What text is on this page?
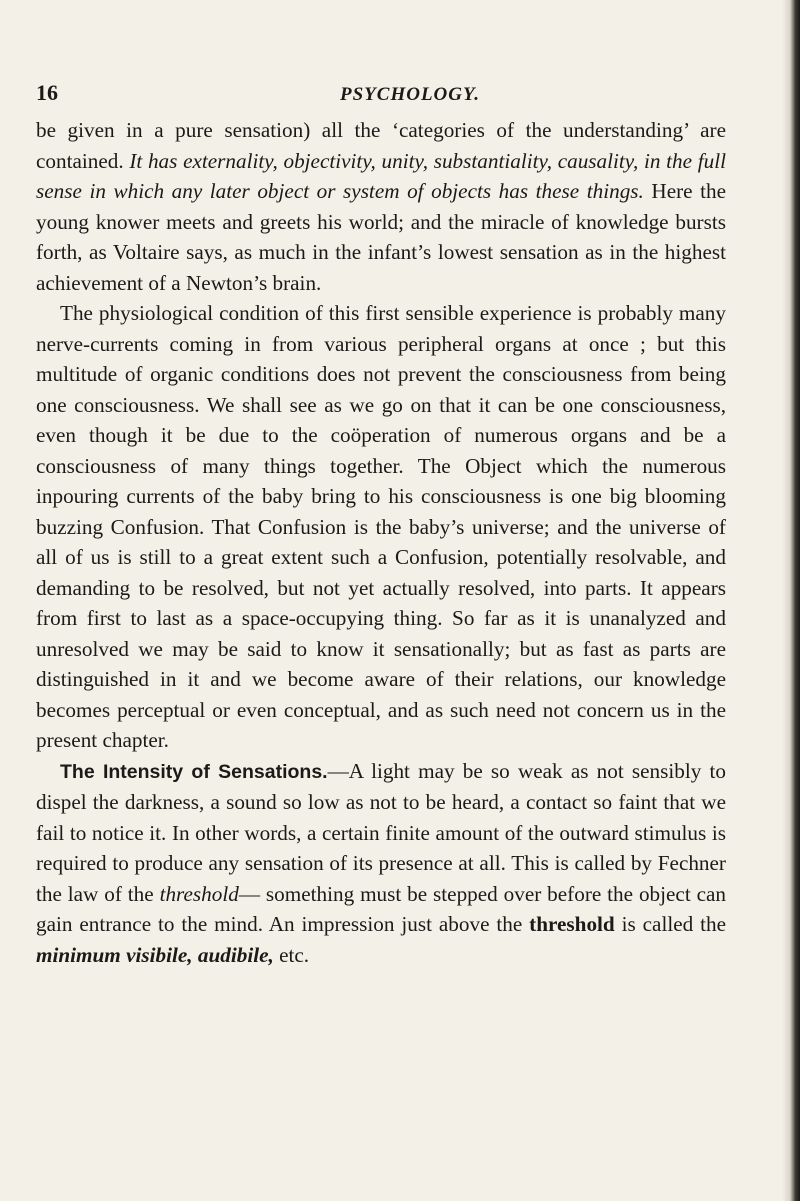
16	PSYCHOLOGY.

be given in a pure sensation) all the ‘categories of the understanding’ are contained. It has externality, objectivity, unity, substantiality, causality, in the full sense in which any later object or system of objects has these things. Here the young knower meets and greets his world; and the miracle of knowledge bursts forth, as Voltaire says, as much in the infant’s lowest sensation as in the highest achievement of a Newton’s brain.

The physiological condition of this first sensible experience is probably many nerve-currents coming in from various peripheral organs at once ; but this multitude of organic conditions does not prevent the consciousness from being one consciousness. We shall see as we go on that it can be one consciousness, even though it be due to the coöperation of numerous organs and be a consciousness of many things together. The Object which the numerous inpouring currents of the baby bring to his consciousness is one big blooming buzzing Confusion. That Confusion is the baby’s universe; and the universe of all of us is still to a great extent such a Confusion, potentially resolvable, and demanding to be resolved, but not yet actually resolved, into parts. It appears from first to last as a space-occupying thing. So far as it is unanalyzed and unresolved we may be said to know it sensationally; but as fast as parts are distinguished in it and we become aware of their relations, our knowledge becomes perceptual or even conceptual, and as such need not concern us in the present chapter.

The Intensity of Sensations.—A light may be so weak as not sensibly to dispel the darkness, a sound so low as not to be heard, a contact so faint that we fail to notice it. In other words, a certain finite amount of the outward stimulus is required to produce any sensation of its presence at all. This is called by Fechner the law of the threshold— something must be stepped over before the object can gain entrance to the mind. An impression just above the threshold is called the minimum visibile, audibile, etc.
